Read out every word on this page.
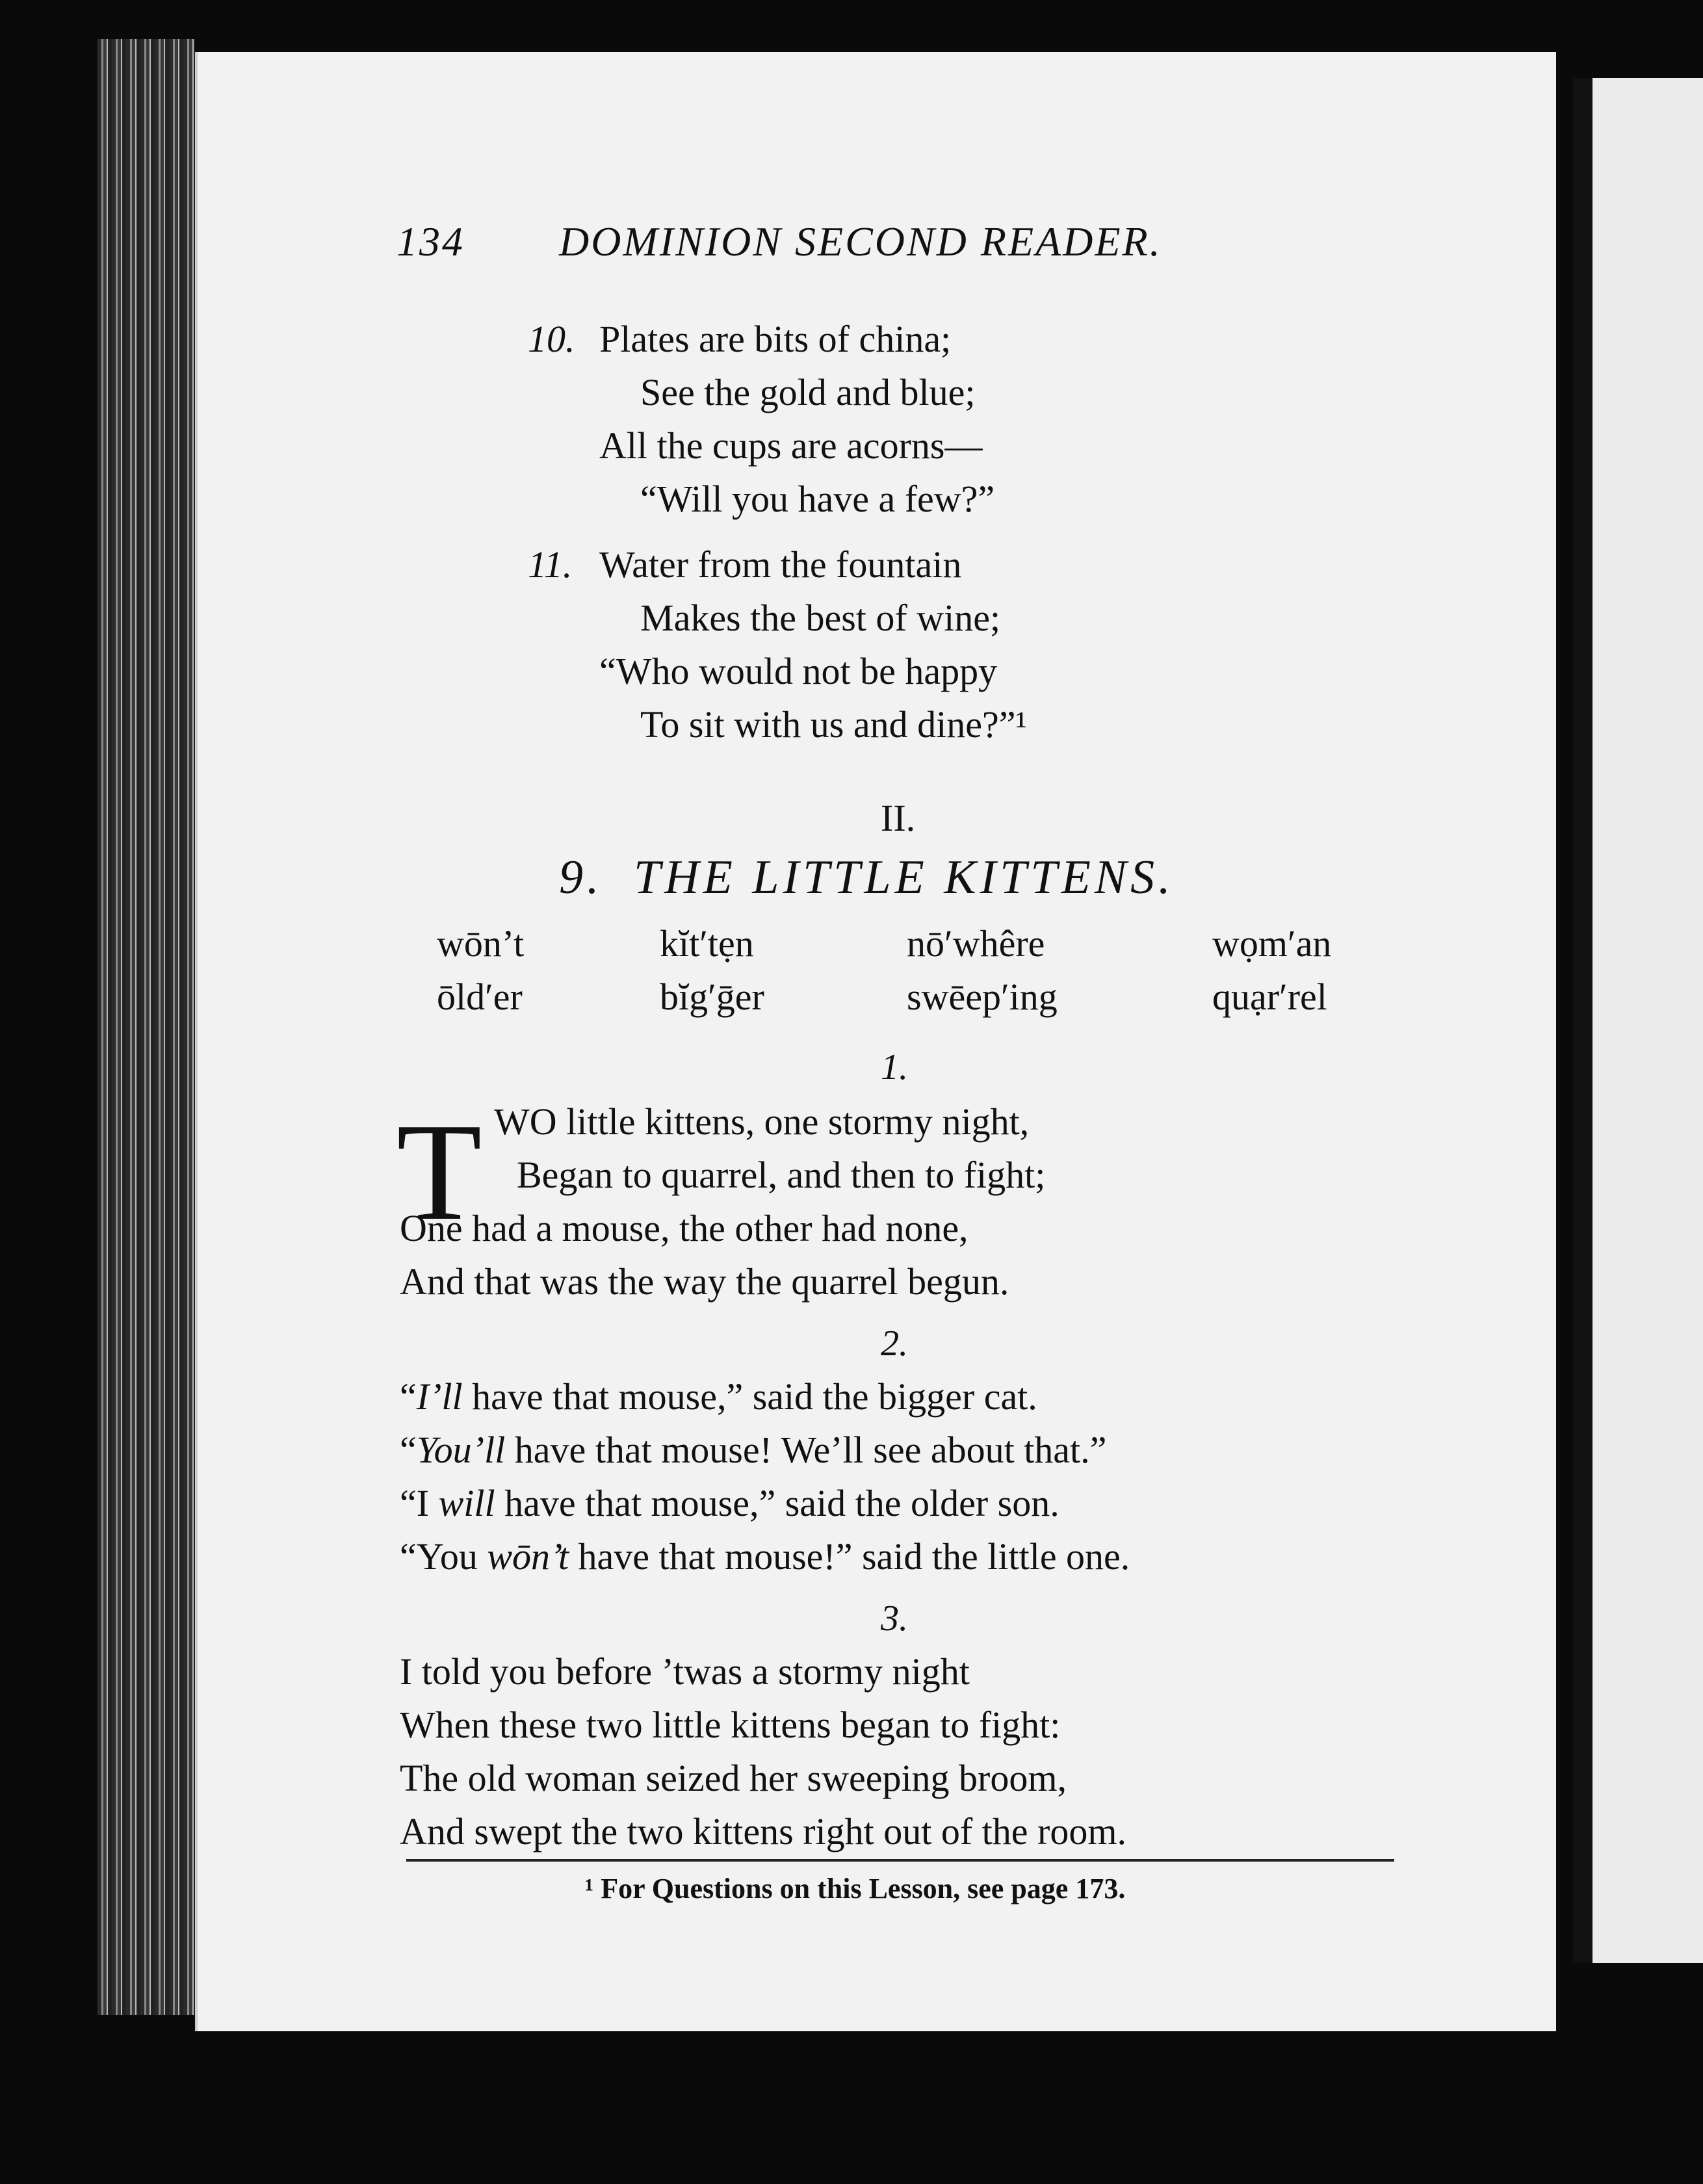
134 DOMINION SECOND READER.
10. Plates are bits of china;
See the gold and blue;
All the cups are acorns—
“Will you have a few?”
11. Water from the fountain
Makes the best of wine;
“Who would not be happy
To sit with us and dine?”¹
II.
9. THE LITTLE KITTENS.
wōn’t	kĭt′tẹn	nō′whêre	wọm′an
ōld′er	bĭg′ḡer	swēep′ing	quạr′rel
1.
T WO little kittens, one stormy night,
Began to quarrel, and then to fight;
One had a mouse, the other had none,
And that was the way the quarrel begun.
2.
“I’ll have that mouse,” said the bigger cat.
“You’ll have that mouse! We’ll see about that.”
“I will have that mouse,” said the older son.
“You wōn’t have that mouse!” said the little one.
3.
I told you before ’twas a stormy night
When these two little kittens began to fight:
The old woman seized her sweeping broom,
And swept the two kittens right out of the room.
¹ For Questions on this Lesson, see page 173.
